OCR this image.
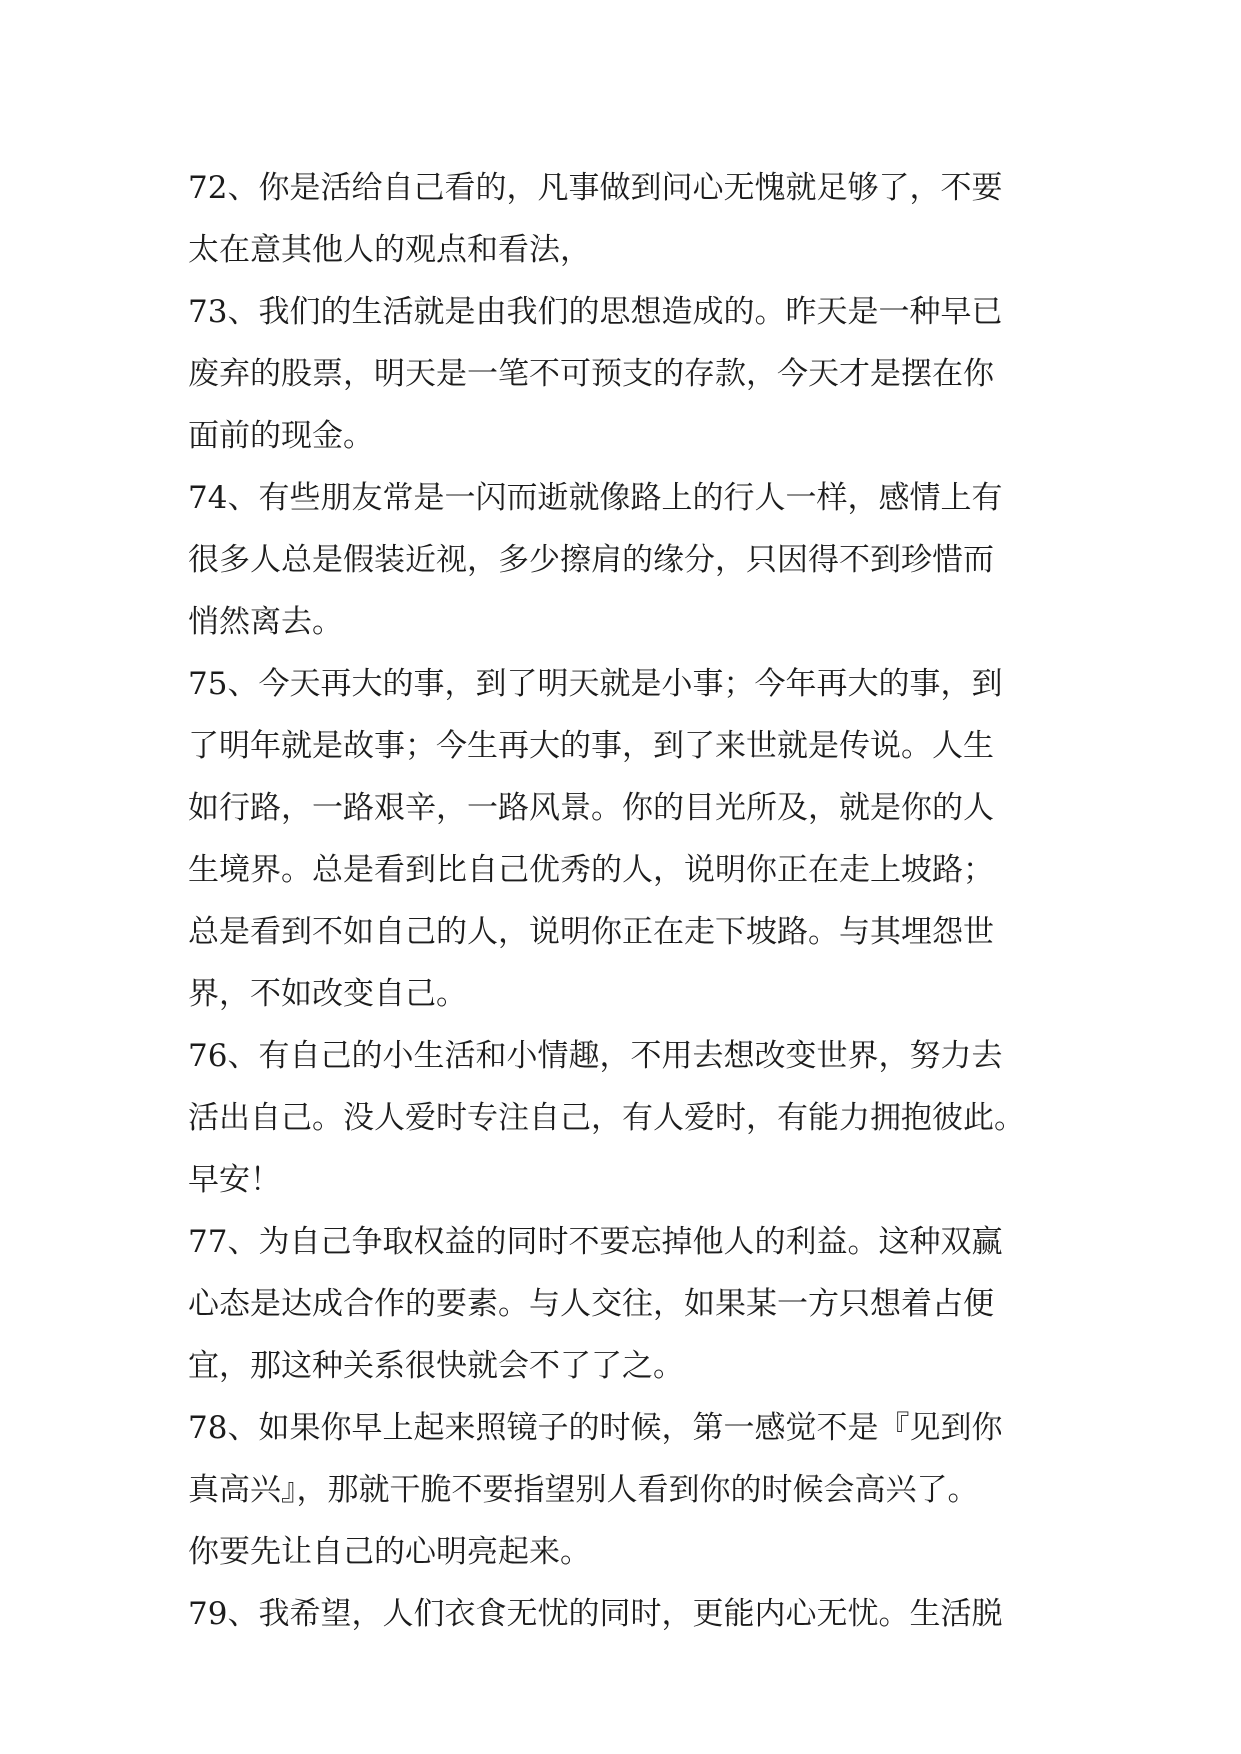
72、你是活给自己看的，凡事做到问心无愧就足够了，不要
太在意其他人的观点和看法，
73、我们的生活就是由我们的思想造成的。昨天是一种早已
废弃的股票，明天是一笔不可预支的存款，今天才是摆在你
面前的现金。
74、有些朋友常是一闪而逝就像路上的行人一样，感情上有
很多人总是假装近视，多少擦肩的缘分，只因得不到珍惜而
悄然离去。
75、今天再大的事，到了明天就是小事；今年再大的事，到
了明年就是故事；今生再大的事，到了来世就是传说。人生
如行路，一路艰辛，一路风景。你的目光所及，就是你的人
生境界。总是看到比自己优秀的人，说明你正在走上坡路；
总是看到不如自己的人，说明你正在走下坡路。与其埋怨世
界，不如改变自己。
76、有自己的小生活和小情趣，不用去想改变世界，努力去
活出自己。没人爱时专注自己，有人爱时，有能力拥抱彼此。
早安！
77、为自己争取权益的同时不要忘掉他人的利益。这种双赢
心态是达成合作的要素。与人交往，如果某一方只想着占便
宜，那这种关系很快就会不了了之。
78、如果你早上起来照镜子的时候，第一感觉不是『见到你
真高兴』，那就干脆不要指望别人看到你的时候会高兴了。
你要先让自己的心明亮起来。
79、我希望，人们衣食无忧的同时，更能内心无忧。生活脱
